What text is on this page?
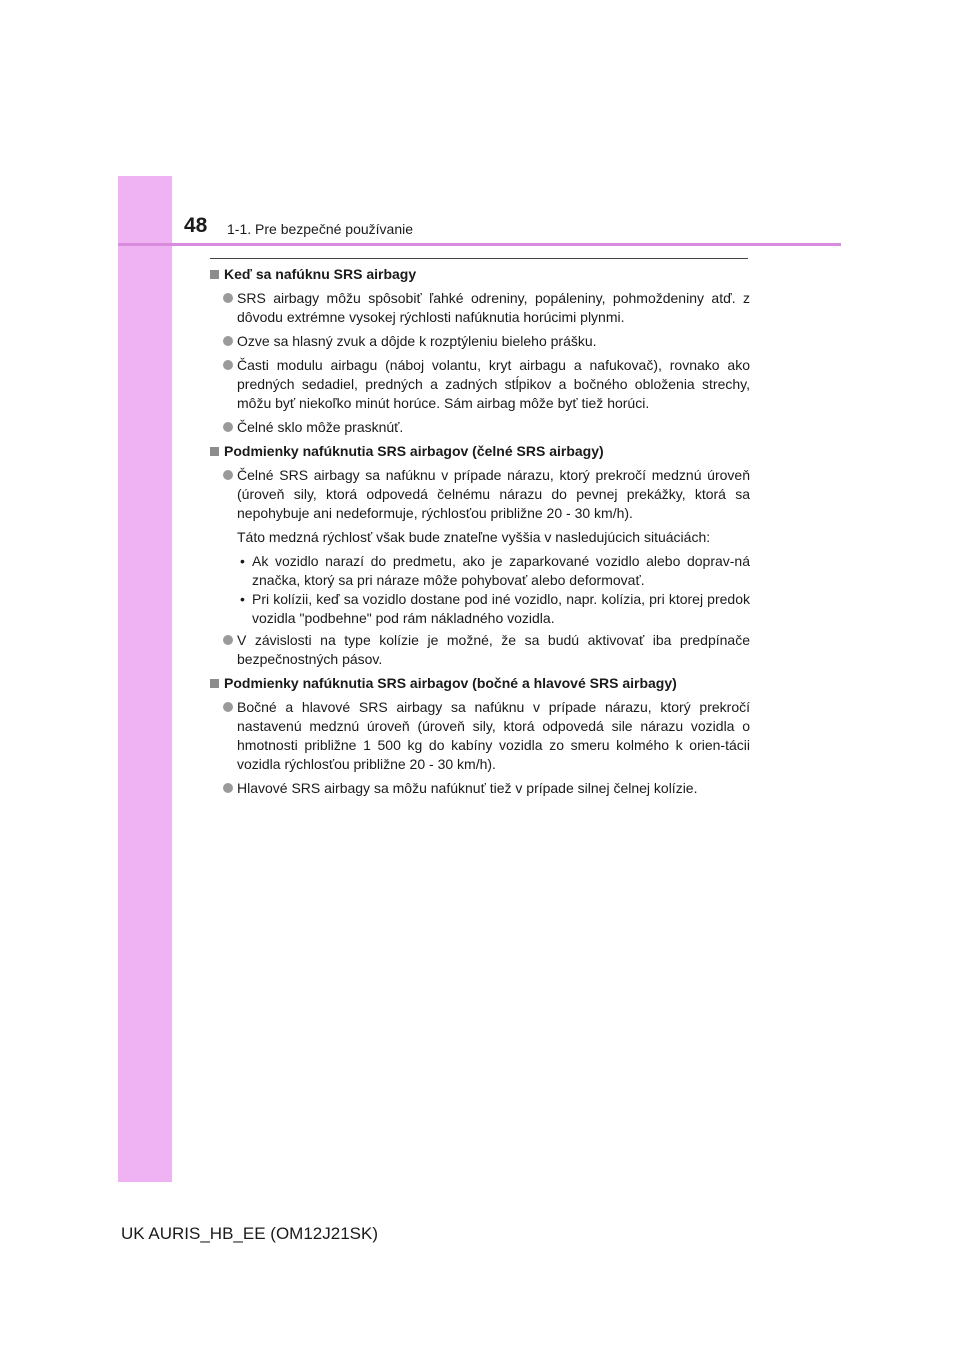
48 1-1. Pre bezpečné používanie
Keď sa nafúknu SRS airbagy
SRS airbagy môžu spôsobiť ľahké odreniny, popáleniny, pohmoždeniny atď. z dôvodu extrémne vysokej rýchlosti nafúknutia horúcimi plynmi.
Ozve sa hlasný zvuk a dôjde k rozptýleniu bieleho prášku.
Časti modulu airbagu (náboj volantu, kryt airbagu a nafukovač), rovnako ako predných sedadiel, predných a zadných stĺpikov a bočného obloženia strechy, môžu byť niekoľko minút horúce. Sám airbag môže byť tiež horúci.
Čelné sklo môže prasknúť.
Podmienky nafúknutia SRS airbagov (čelné SRS airbagy)
Čelné SRS airbagy sa nafúknu v prípade nárazu, ktorý prekročí medznú úroveň (úroveň sily, ktorá odpovedá čelnému nárazu do pevnej prekážky, ktorá sa nepohybuje ani nedeformuje, rýchlosťou približne 20 - 30 km/h).
Táto medzná rýchlosť však bude znateľne vyššia v nasledujúcich situáciách:
• Ak vozidlo narazí do predmetu, ako je zaparkované vozidlo alebo doprav-ná značka, ktorý sa pri náraze môže pohybovať alebo deformovať.
• Pri kolízii, keď sa vozidlo dostane pod iné vozidlo, napr. kolízia, pri ktorej predok vozidla "podbehne" pod rám nákladného vozidla.
V závislosti na type kolízie je možné, že sa budú aktivovať iba predpínače bezpečnostných pásov.
Podmienky nafúknutia SRS airbagov (bočné a hlavové SRS airbagy)
Bočné a hlavové SRS airbagy sa nafúknu v prípade nárazu, ktorý prekročí nastavenú medznú úroveň (úroveň sily, ktorá odpovedá sile nárazu vozidla o hmotnosti približne 1 500 kg do kabíny vozidla zo smeru kolmého k orien-tácii vozidla rýchlosťou približne 20 - 30 km/h).
Hlavové SRS airbagy sa môžu nafúknuť tiež v prípade silnej čelnej kolízie.
UK AURIS_HB_EE (OM12J21SK)
